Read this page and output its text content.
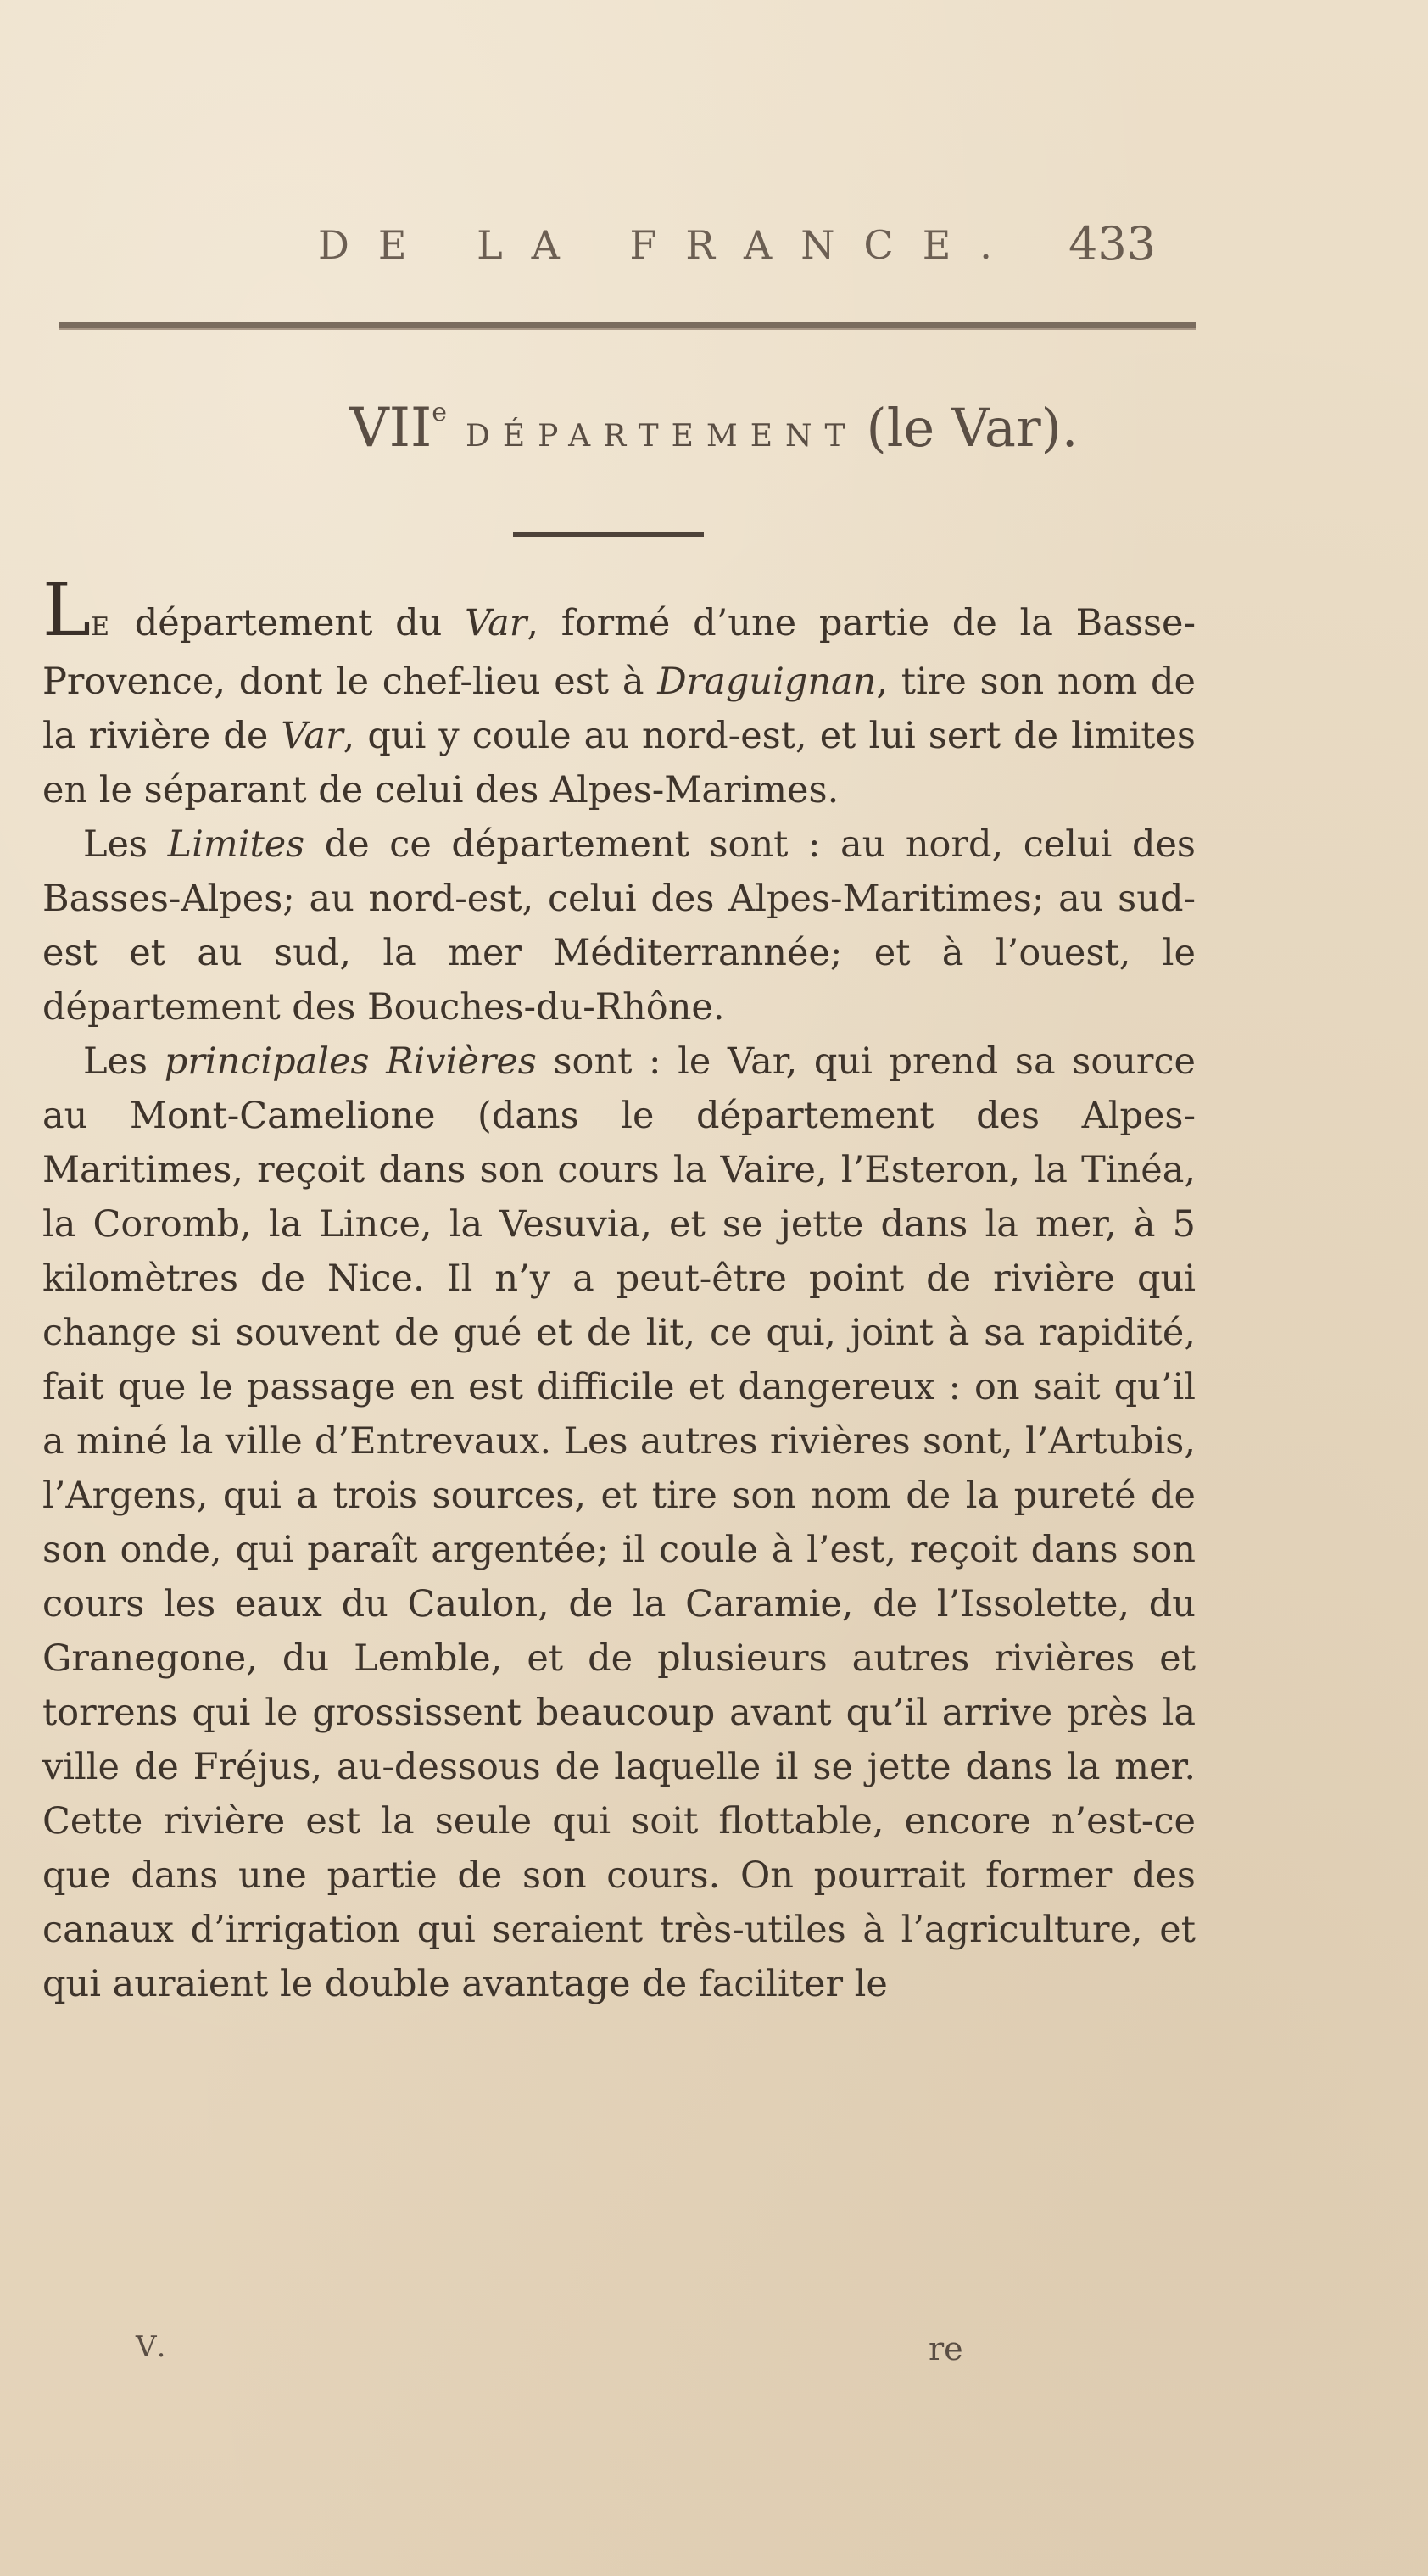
DE LA FRANCE. 433
VIIeDÉPARTEMENT (le Var).

LE département du Var, formé d’une partie de la Basse-Provence, dont le chef-lieu est à Draguignan, tire son nom de la rivière de Var, qui y coule au nord-est, et lui sert de limites en le séparant de celui des Alpes-Marimes.

Les Limites de ce département sont : au nord, celui des Basses-Alpes; au nord-est, celui des Alpes-Maritimes; au sud-est et au sud, la mer Méditerrannée; et à l’ouest, le département des Bouches-du-Rhône.

Les principales Rivières sont : le Var, qui prend sa source au Mont-Camelione (dans le département des Alpes-Maritimes, reçoit dans son cours la Vaire, l’Esteron, la Tinéa, la Coromb, la Lince, la Vesuvia, et se jette dans la mer, à 5 kilomètres de Nice. Il n’y a peut-être point de rivière qui change si souvent de gué et de lit, ce qui, joint à sa rapidité, fait que le passage en est difficile et dangereux : on sait qu’il a miné la ville d’Entrevaux. Les autres rivières sont, l’Artubis, l’Argens, qui a trois sources, et tire son nom de la pureté de son onde, qui paraît argentée; il coule à l’est, reçoit dans son cours les eaux du Caulon, de la Caramie, de l’Issolette, du Granegone, du Lemble, et de plusieurs autres rivières et torrens qui le grossissent beaucoup avant qu’il arrive près la ville de Fréjus, au-dessous de laquelle il se jette dans la mer. Cette rivière est la seule qui soit flottable, encore n’est-ce que dans une partie de son cours. On pourrait former des canaux d’irrigation qui seraient très-utiles à l’agriculture, et qui auraient le double avantage de faciliter le

V.	re
